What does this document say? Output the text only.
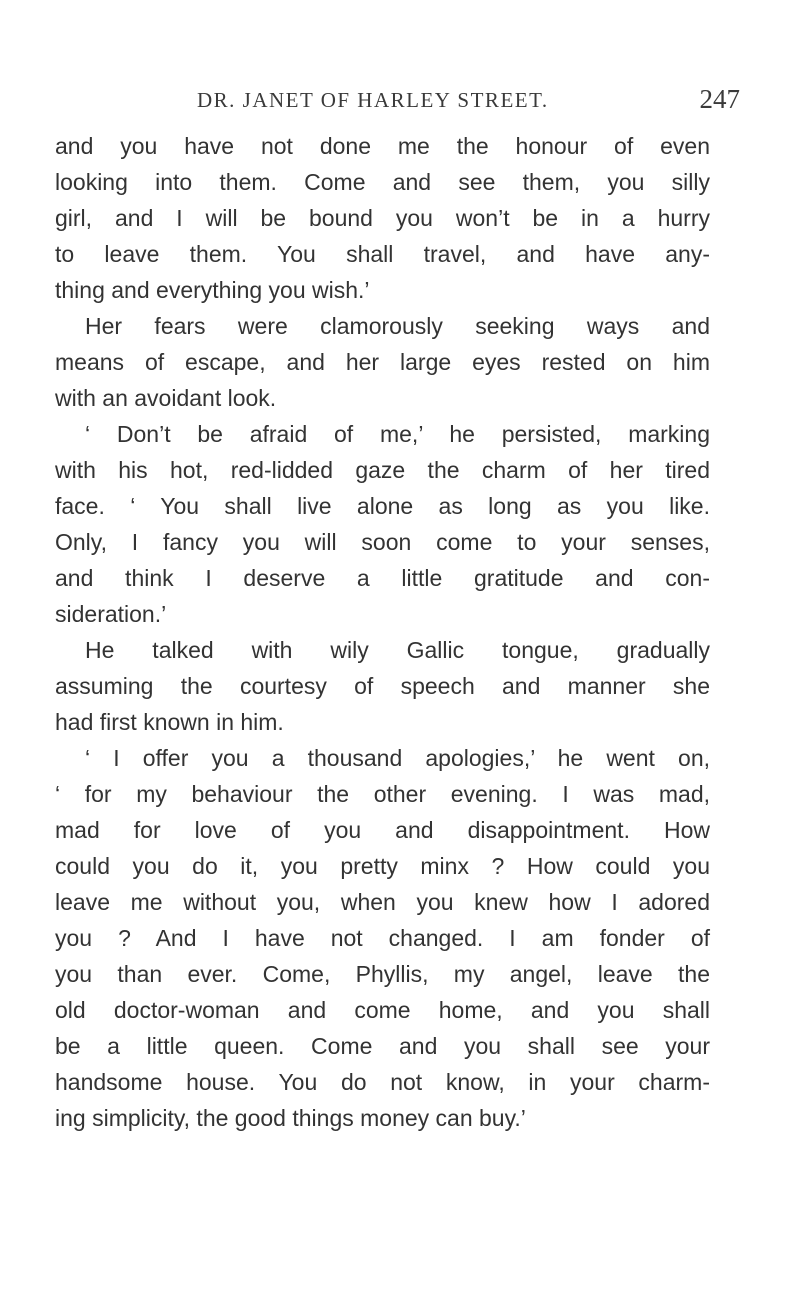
DR. JANET OF HARLEY STREET.	247
and you have not done me the honour of even
looking into them. Come and see them, you silly
girl, and I will be bound you won’t be in a hurry
to leave them. You shall travel, and have any-
thing and everything you wish.’
Her fears were clamorously seeking ways and
means of escape, and her large eyes rested on him
with an avoidant look.
‘ Don’t be afraid of me,’ he persisted, marking
with his hot, red-lidded gaze the charm of her tired
face. ‘ You shall live alone as long as you like.
Only, I fancy you will soon come to your senses,
and think I deserve a little gratitude and con-
sideration.’
He talked with wily Gallic tongue, gradually
assuming the courtesy of speech and manner she
had first known in him.
‘ I offer you a thousand apologies,’ he went on,
‘ for my behaviour the other evening. I was mad,
mad for love of you and disappointment. How
could you do it, you pretty minx ? How could you
leave me without you, when you knew how I adored
you ? And I have not changed. I am fonder of
you than ever. Come, Phyllis, my angel, leave the
old doctor-woman and come home, and you shall
be a little queen. Come and you shall see your
handsome house. You do not know, in your charm-
ing simplicity, the good things money can buy.’
